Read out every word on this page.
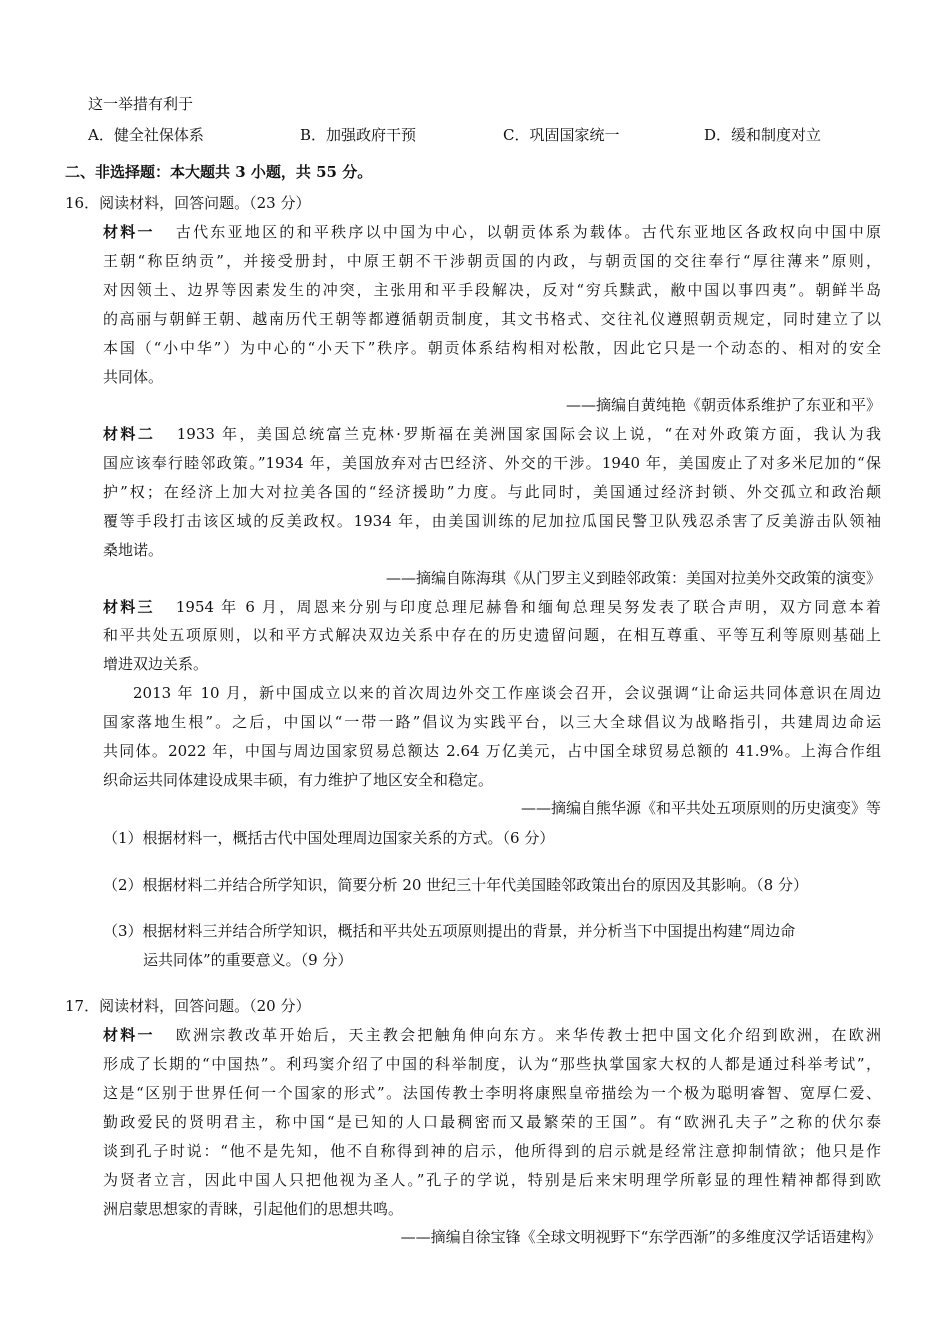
这一举措有利于
A．健全社保体系	B．加强政府干预	C．巩固国家统一	D．缓和制度对立
二、非选择题：本大题共 3 小题，共 55 分。
16．阅读材料，回答问题。（23 分）
材料一 古代东亚地区的和平秩序以中国为中心，以朝贡体系为载体。古代东亚地区各政权向中国中原
王朝“称臣纳贡”，并接受册封，中原王朝不干涉朝贡国的内政，与朝贡国的交往奉行“厚往薄来”原则，
对因领土、边界等因素发生的冲突，主张用和平手段解决，反对“穷兵黩武，敝中国以事四夷”。朝鲜半岛
的高丽与朝鲜王朝、越南历代王朝等都遵循朝贡制度，其文书格式、交往礼仪遵照朝贡规定，同时建立了以
本国（“小中华”）为中心的“小天下”秩序。朝贡体系结构相对松散，因此它只是一个动态的、相对的安全
共同体。
——摘编自黄纯艳《朝贡体系维护了东亚和平》
材料二 1933 年，美国总统富兰克林·罗斯福在美洲国家国际会议上说，“在对外政策方面，我认为我
国应该奉行睦邻政策。”1934 年，美国放弃对古巴经济、外交的干涉。1940 年，美国废止了对多米尼加的“保
护”权；在经济上加大对拉美各国的“经济援助”力度。与此同时，美国通过经济封锁、外交孤立和政治颠
覆等手段打击该区域的反美政权。1934 年，由美国训练的尼加拉瓜国民警卫队残忍杀害了反美游击队领袖
桑地诺。
——摘编自陈海琪《从门罗主义到睦邻政策：美国对拉美外交政策的演变》
材料三 1954 年 6 月，周恩来分别与印度总理尼赫鲁和缅甸总理吴努发表了联合声明，双方同意本着
和平共处五项原则，以和平方式解决双边关系中存在的历史遗留问题，在相互尊重、平等互利等原则基础上
增进双边关系。
2013 年 10 月，新中国成立以来的首次周边外交工作座谈会召开，会议强调“让命运共同体意识在周边
国家落地生根”。之后，中国以“一带一路”倡议为实践平台，以三大全球倡议为战略指引，共建周边命运
共同体。2022 年，中国与周边国家贸易总额达 2.64 万亿美元，占中国全球贸易总额的 41.9%。上海合作组
织命运共同体建设成果丰硕，有力维护了地区安全和稳定。
——摘编自熊华源《和平共处五项原则的历史演变》等
（1）根据材料一，概括古代中国处理周边国家关系的方式。（6 分）
（2）根据材料二并结合所学知识，简要分析 20 世纪三十年代美国睦邻政策出台的原因及其影响。（8 分）
（3）根据材料三并结合所学知识，概括和平共处五项原则提出的背景，并分析当下中国提出构建“周边命
运共同体”的重要意义。（9 分）
17．阅读材料，回答问题。（20 分）
材料一 欧洲宗教改革开始后，天主教会把触角伸向东方。来华传教士把中国文化介绍到欧洲，在欧洲
形成了长期的“中国热”。利玛窦介绍了中国的科举制度，认为“那些执掌国家大权的人都是通过科举考试”，
这是“区别于世界任何一个国家的形式”。法国传教士李明将康熙皇帝描绘为一个极为聪明睿智、宽厚仁爱、
勤政爱民的贤明君主，称中国“是已知的人口最稠密而又最繁荣的王国”。有“欧洲孔夫子”之称的伏尔泰
谈到孔子时说：“他不是先知，他不自称得到神的启示，他所得到的启示就是经常注意抑制情欲；他只是作
为贤者立言，因此中国人只把他视为圣人。”孔子的学说，特别是后来宋明理学所彰显的理性精神都得到欧
洲启蒙思想家的青睐，引起他们的思想共鸣。
——摘编自徐宝锋《全球文明视野下“东学西渐”的多维度汉学话语建构》
